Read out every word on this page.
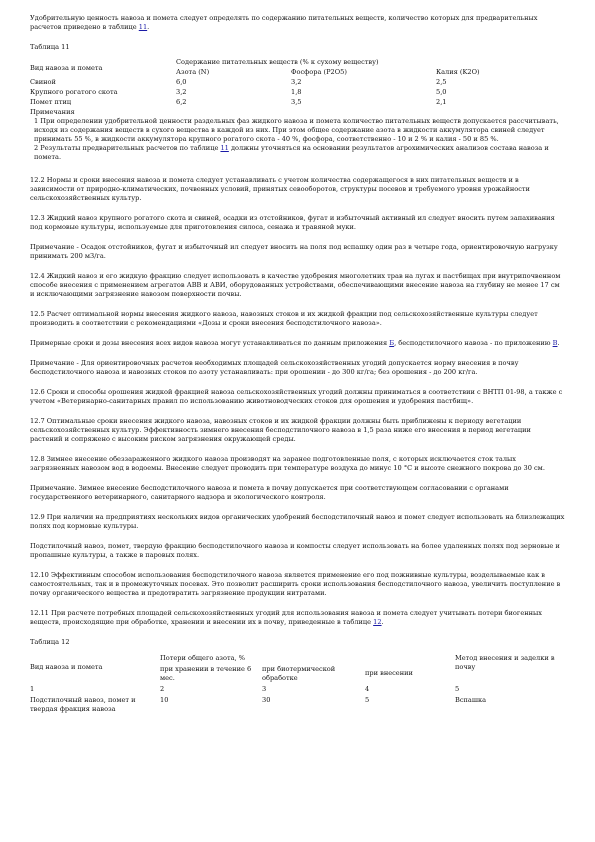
Удобрительную ценность навоза и помета следует определять по содержанию питательных веществ, количество которых для предварительных расчетов приведено в таблице 11.

Таблица 11
Вид навоза и помета	Содержание питательных веществ (% к сухому веществу)		
	Азота (N)	Фосфора (P2O5)	Калия (K2O)
Свиной	6,0	3,2	2,5
Крупного рогатого скота	3,2	1,8	5,0
Помет птиц	6,2	3,5	2,1
Примечания
1 При определении удобрительной ценности раздельных фаз жидкого навоза и помета количество питательных веществ допускается рассчитывать, исходя из содержания веществ в сухого вещества в каждой из них. При этом общее содержание азота в жидкости аккумулятора свиней следует принимать 55 %, в жидкости аккумулятора крупного рогатого скота - 40 %, фосфора, соответственно - 10 и 2 % и калия - 50 и 85 %.
2 Результаты предварительных расчетов по таблице 11 должны уточняться на основании результатов агрохимических анализов состава навоза и помета.

12.2 Нормы и сроки внесения навоза и помета следует устанавливать с учетом количества содержащегося в них питательных веществ и в зависимости от природно-климатических, почвенных условий, принятых севооборотов, структуры посевов и требуемого уровня урожайности сельскохозяйственных культур.

12.3 Жидкий навоз крупного рогатого скота и свиней, осадки из отстойников, фугат и избыточный активный ил следует вносить путем запахивания под кормовые культуры, используемые для приготовления силоса, сенажа и травяной муки.

Примечание - Осадок отстойников, фугат и избыточный ил следует вносить на поля под вспашку один раз в четыре года, ориентировочную нагрузку принимать 200 м3/га.

12.4 Жидкий навоз и его жидкую фракцию следует использовать в качестве удобрения многолетних трав на лугах и пастбищах при внутрипочвенном способе внесения с применением агрегатов АВВ и АВИ, оборудованных устройствами, обеспечивающими внесение навоза на глубину не менее 17 см и исключающими загрязнение навозом поверхности почвы.

12.5 Расчет оптимальной нормы внесения жидкого навоза, навозных стоков и их жидкой фракции под сельскохозяйственные культуры следует производить в соответствии с рекомендациями «Дозы и сроки внесения бесподстилочного навоза».

Примерные сроки и дозы внесения всех видов навоза могут устанавливаться по данным приложения Б, бесподстилочного навоза - по приложению В.

Примечание - Для ориентировочных расчетов необходимых площадей сельскохозяйственных угодий допускается норму внесения в почву бесподстилочного навоза и навозных стоков по азоту устанавливать: при орошении - до 300 кг/га; без орошения - до 200 кг/га.

12.6 Сроки и способы орошения жидкой фракцией навоза сельскохозяйственных угодий должны приниматься в соответствии с ВНТП 01-98, а также с учетом «Ветеринарно-санитарных правил по использованию животноводческих стоков для орошения и удобрения пастбищ».

12.7 Оптимальные сроки внесения жидкого навоза, навозных стоков и их жидкой фракции должны быть приближены к периоду вегетации сельскохозяйственных культур. Эффективность зимнего внесения бесподстилочного навоза в 1,5 раза ниже его внесения в период вегетации растений и сопряжено с высоким риском загрязнения окружающей среды.

12.8 Зимнее внесение обеззараженного жидкого навоза производят на заранее подготовленные поля, с которых исключается сток талых загрязненных навозом вод в водоемы. Внесение следует проводить при температуре воздуха до минус 10 °С и высоте снежного покрова до 30 см.

Примечание. Зимнее внесение бесподстилочного навоза и помета в почву допускается при соответствующем согласовании с органами государственного ветеринарного, санитарного надзора и экологического контроля.

12.9 При наличии на предприятиях нескольких видов органических удобрений бесподстилочный навоз и помет следует использовать на близлежащих полях под кормовые культуры.

Подстилочный навоз, помет, твердую фракцию бесподстилочного навоза и компосты следует использовать на более удаленных полях под зерновые и пропашные культуры, а также в паровых полях.

12.10 Эффективным способом использования бесподстилочного навоза является применение его под пожнивные культуры, возделываемые как в самостоятельных, так и в промежуточных посевах. Это позволит расширить сроки использования бесподстилочного навоза, увеличить поступление в почву органического вещества и предотвратить загрязнение продукции нитратами.

12.11 При расчете потребных площадей сельскохозяйственных угодий для использования навоза и помета следует учитывать потери биогенных веществ, происходящие при обработке, хранении и внесении их в почву, приведенные в таблице 12.

Таблица 12
Вид навоза и помета	Потери общего азота, %			Метод внесения и заделки в почву
	при хранении в течение 6 мес.	при биотермической обработке	при внесении	
1	2	3	4	5
Подстилочный навоз, помет и твердая фракция навоза	10	30	5	Вспашка
